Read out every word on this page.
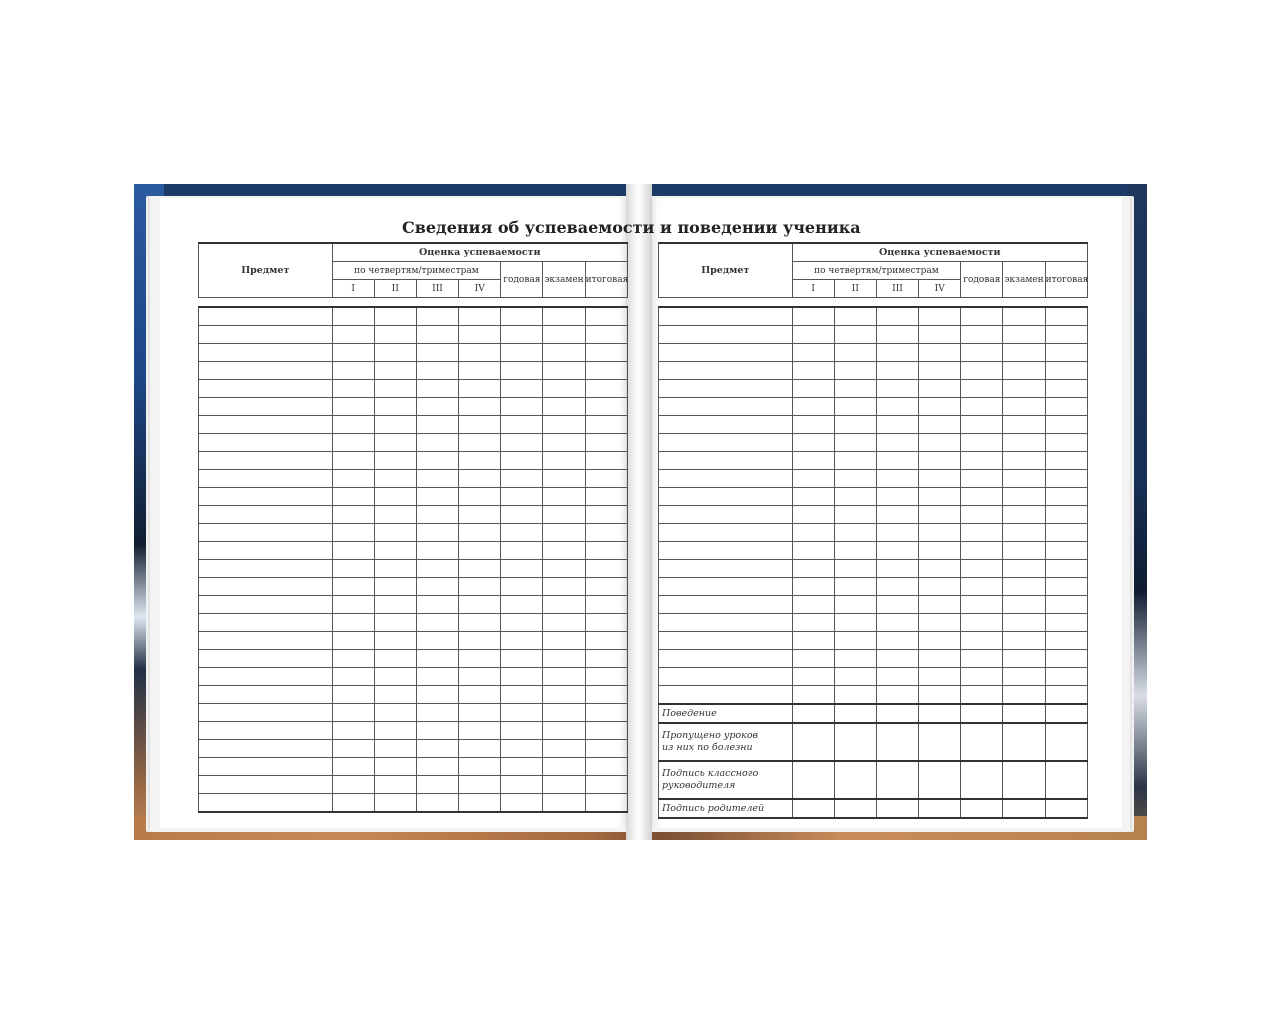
Сведения об успеваемости и поведении ученика
Предмет	Оценка успеваемости						
	по четвертям/триместрам				годовая	экзамен	итоговая
	I	II	III	IV			

Предмет	Оценка успеваемости						
	по четвертям/триместрам				годовая	экзамен	итоговая
	I	II	III	IV			

Поведение							
Пропущено уроков
из них по болезни							
Подпись классного
руководителя							
Подпись родителей							
